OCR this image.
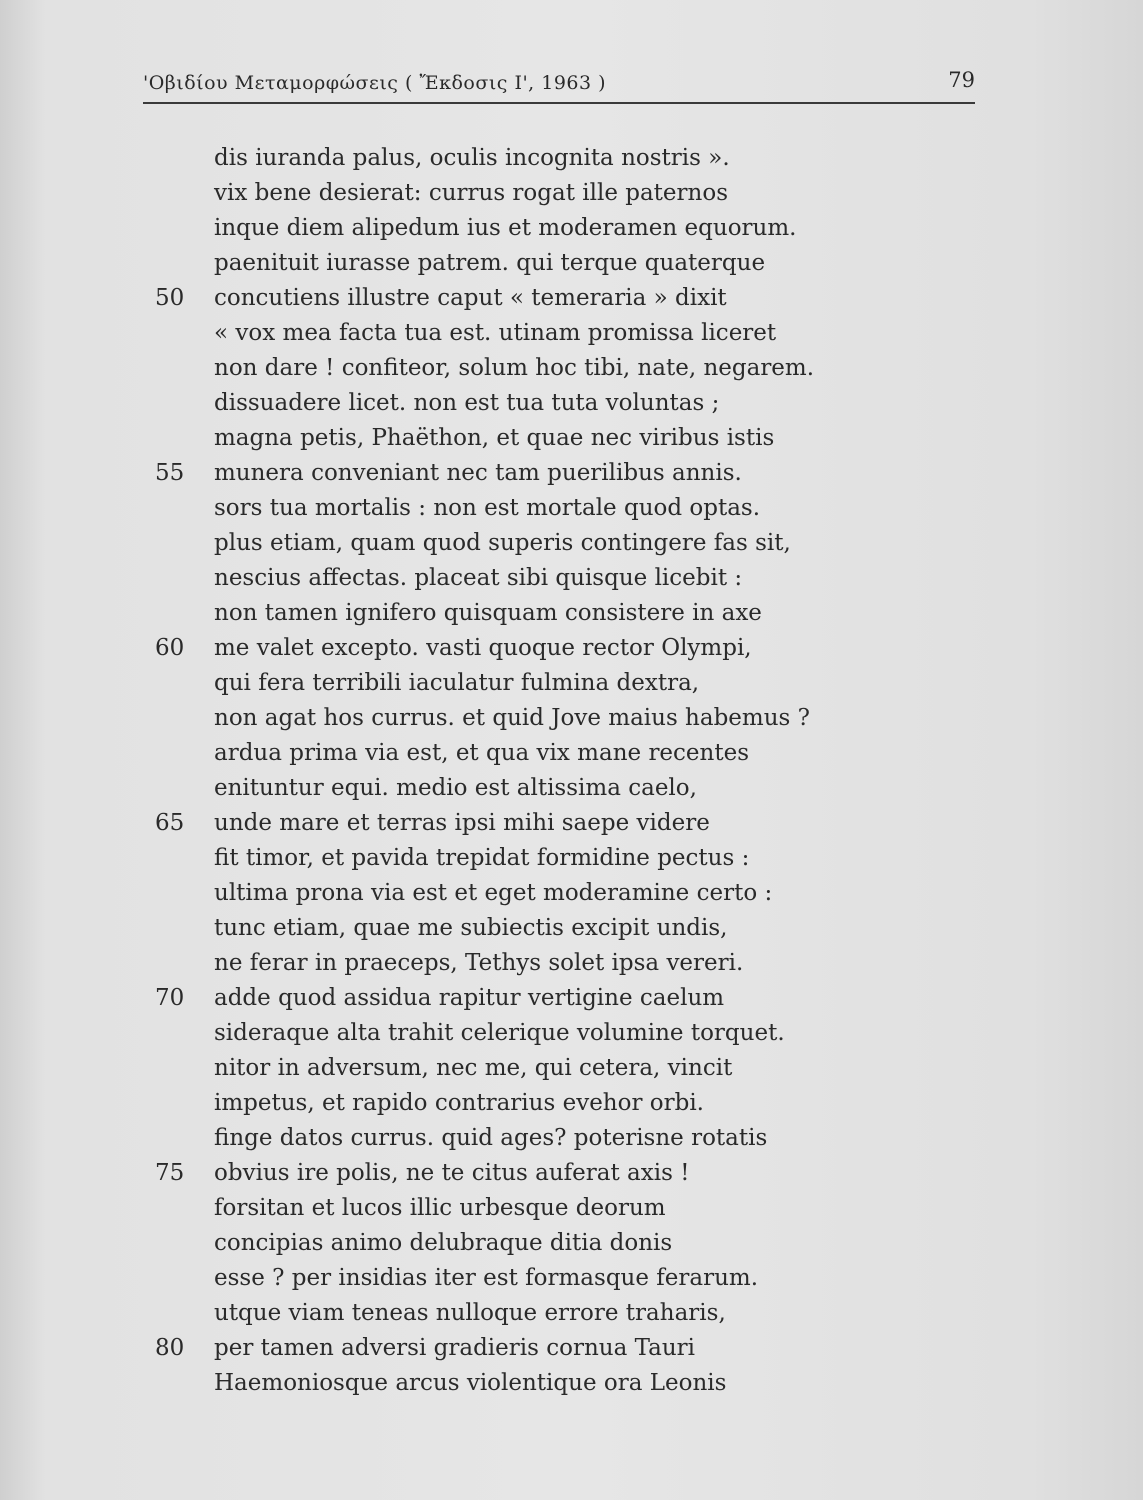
'Οβιδίου Μεταμορφώσεις ( Ἔκδοσις Ι', 1963 )	79
dis iuranda palus, oculis incognita nostris ».
vix bene desierat: currus rogat ille paternos
inque diem alipedum ius et moderamen equorum.
paenituit iurasse patrem. qui terque quaterque
50	concutiens illustre caput « temeraria » dixit
« vox mea facta tua est. utinam promissa liceret
non dare ! confiteor, solum hoc tibi, nate, negarem.
dissuadere licet. non est tua tuta voluntas ;
magna petis, Phaëthon, et quae nec viribus istis
55	munera conveniant nec tam puerilibus annis.
sors tua mortalis : non est mortale quod optas.
plus etiam, quam quod superis contingere fas sit,
nescius affectas. placeat sibi quisque licebit :
non tamen ignifero quisquam consistere in axe
60	me valet excepto. vasti quoque rector Olympi,
qui fera terribili iaculatur fulmina dextra,
non agat hos currus. et quid Jove maius habemus ?
ardua prima via est, et qua vix mane recentes
enituntur equi. medio est altissima caelo,
65	unde mare et terras ipsi mihi saepe videre
fit timor, et pavida trepidat formidine pectus :
ultima prona via est et eget moderamine certo :
tunc etiam, quae me subiectis excipit undis,
ne ferar in praeceps, Tethys solet ipsa vereri.
70	adde quod assidua rapitur vertigine caelum
sideraque alta trahit celerique volumine torquet.
nitor in adversum, nec me, qui cetera, vincit
impetus, et rapido contrarius evehor orbi.
finge datos currus. quid ages? poterisne rotatis
75	obvius ire polis, ne te citus auferat axis !
forsitan et lucos illic urbesque deorum
concipias animo delubraque ditia donis
esse ? per insidias iter est formasque ferarum.
utque viam teneas nulloque errore traharis,
80	per tamen adversi gradieris cornua Tauri
Haemoniosque arcus violentique ora Leonis
